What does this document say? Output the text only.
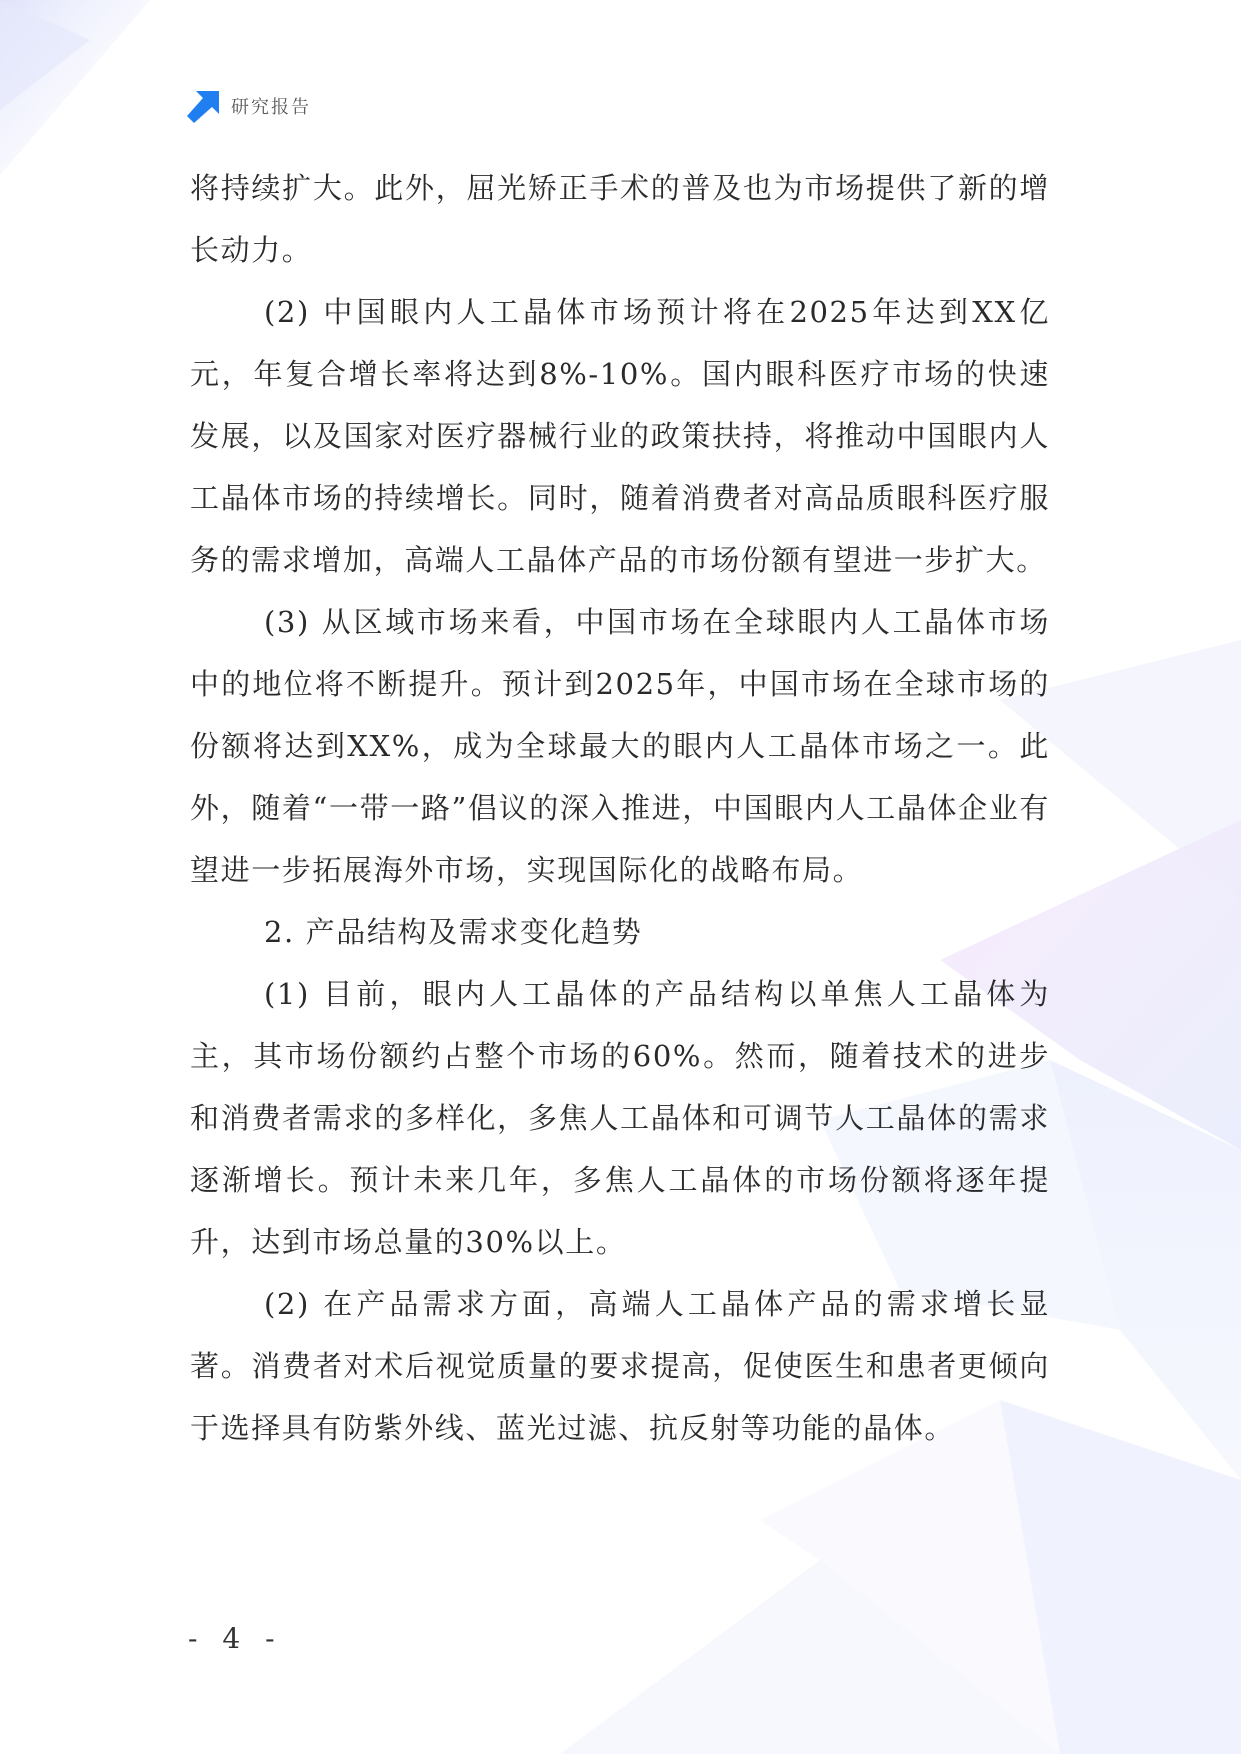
研究报告

将持续扩大。此外，屈光矫正手术的普及也为市场提供了新的增长动力。

(2) 中国眼内人工晶体市场预计将在2025年达到XX亿元，年复合增长率将达到8%-10%。国内眼科医疗市场的快速发展，以及国家对医疗器械行业的政策扶持，将推动中国眼内人工晶体市场的持续增长。同时，随着消费者对高品质眼科医疗服务的需求增加，高端人工晶体产品的市场份额有望进一步扩大。

(3) 从区域市场来看，中国市场在全球眼内人工晶体市场中的地位将不断提升。预计到2025年，中国市场在全球市场的份额将达到XX%，成为全球最大的眼内人工晶体市场之一。此外，随着“一带一路”倡议的深入推进，中国眼内人工晶体企业有望进一步拓展海外市场，实现国际化的战略布局。

2. 产品结构及需求变化趋势

(1) 目前，眼内人工晶体的产品结构以单焦人工晶体为主，其市场份额约占整个市场的60%。然而，随着技术的进步和消费者需求的多样化，多焦人工晶体和可调节人工晶体的需求逐渐增长。预计未来几年，多焦人工晶体的市场份额将逐年提升，达到市场总量的30%以上。

(2) 在产品需求方面，高端人工晶体产品的需求增长显著。消费者对术后视觉质量的要求提高，促使医生和患者更倾向于选择具有防紫外线、蓝光过滤、抗反射等功能的晶体。

- 4 -
